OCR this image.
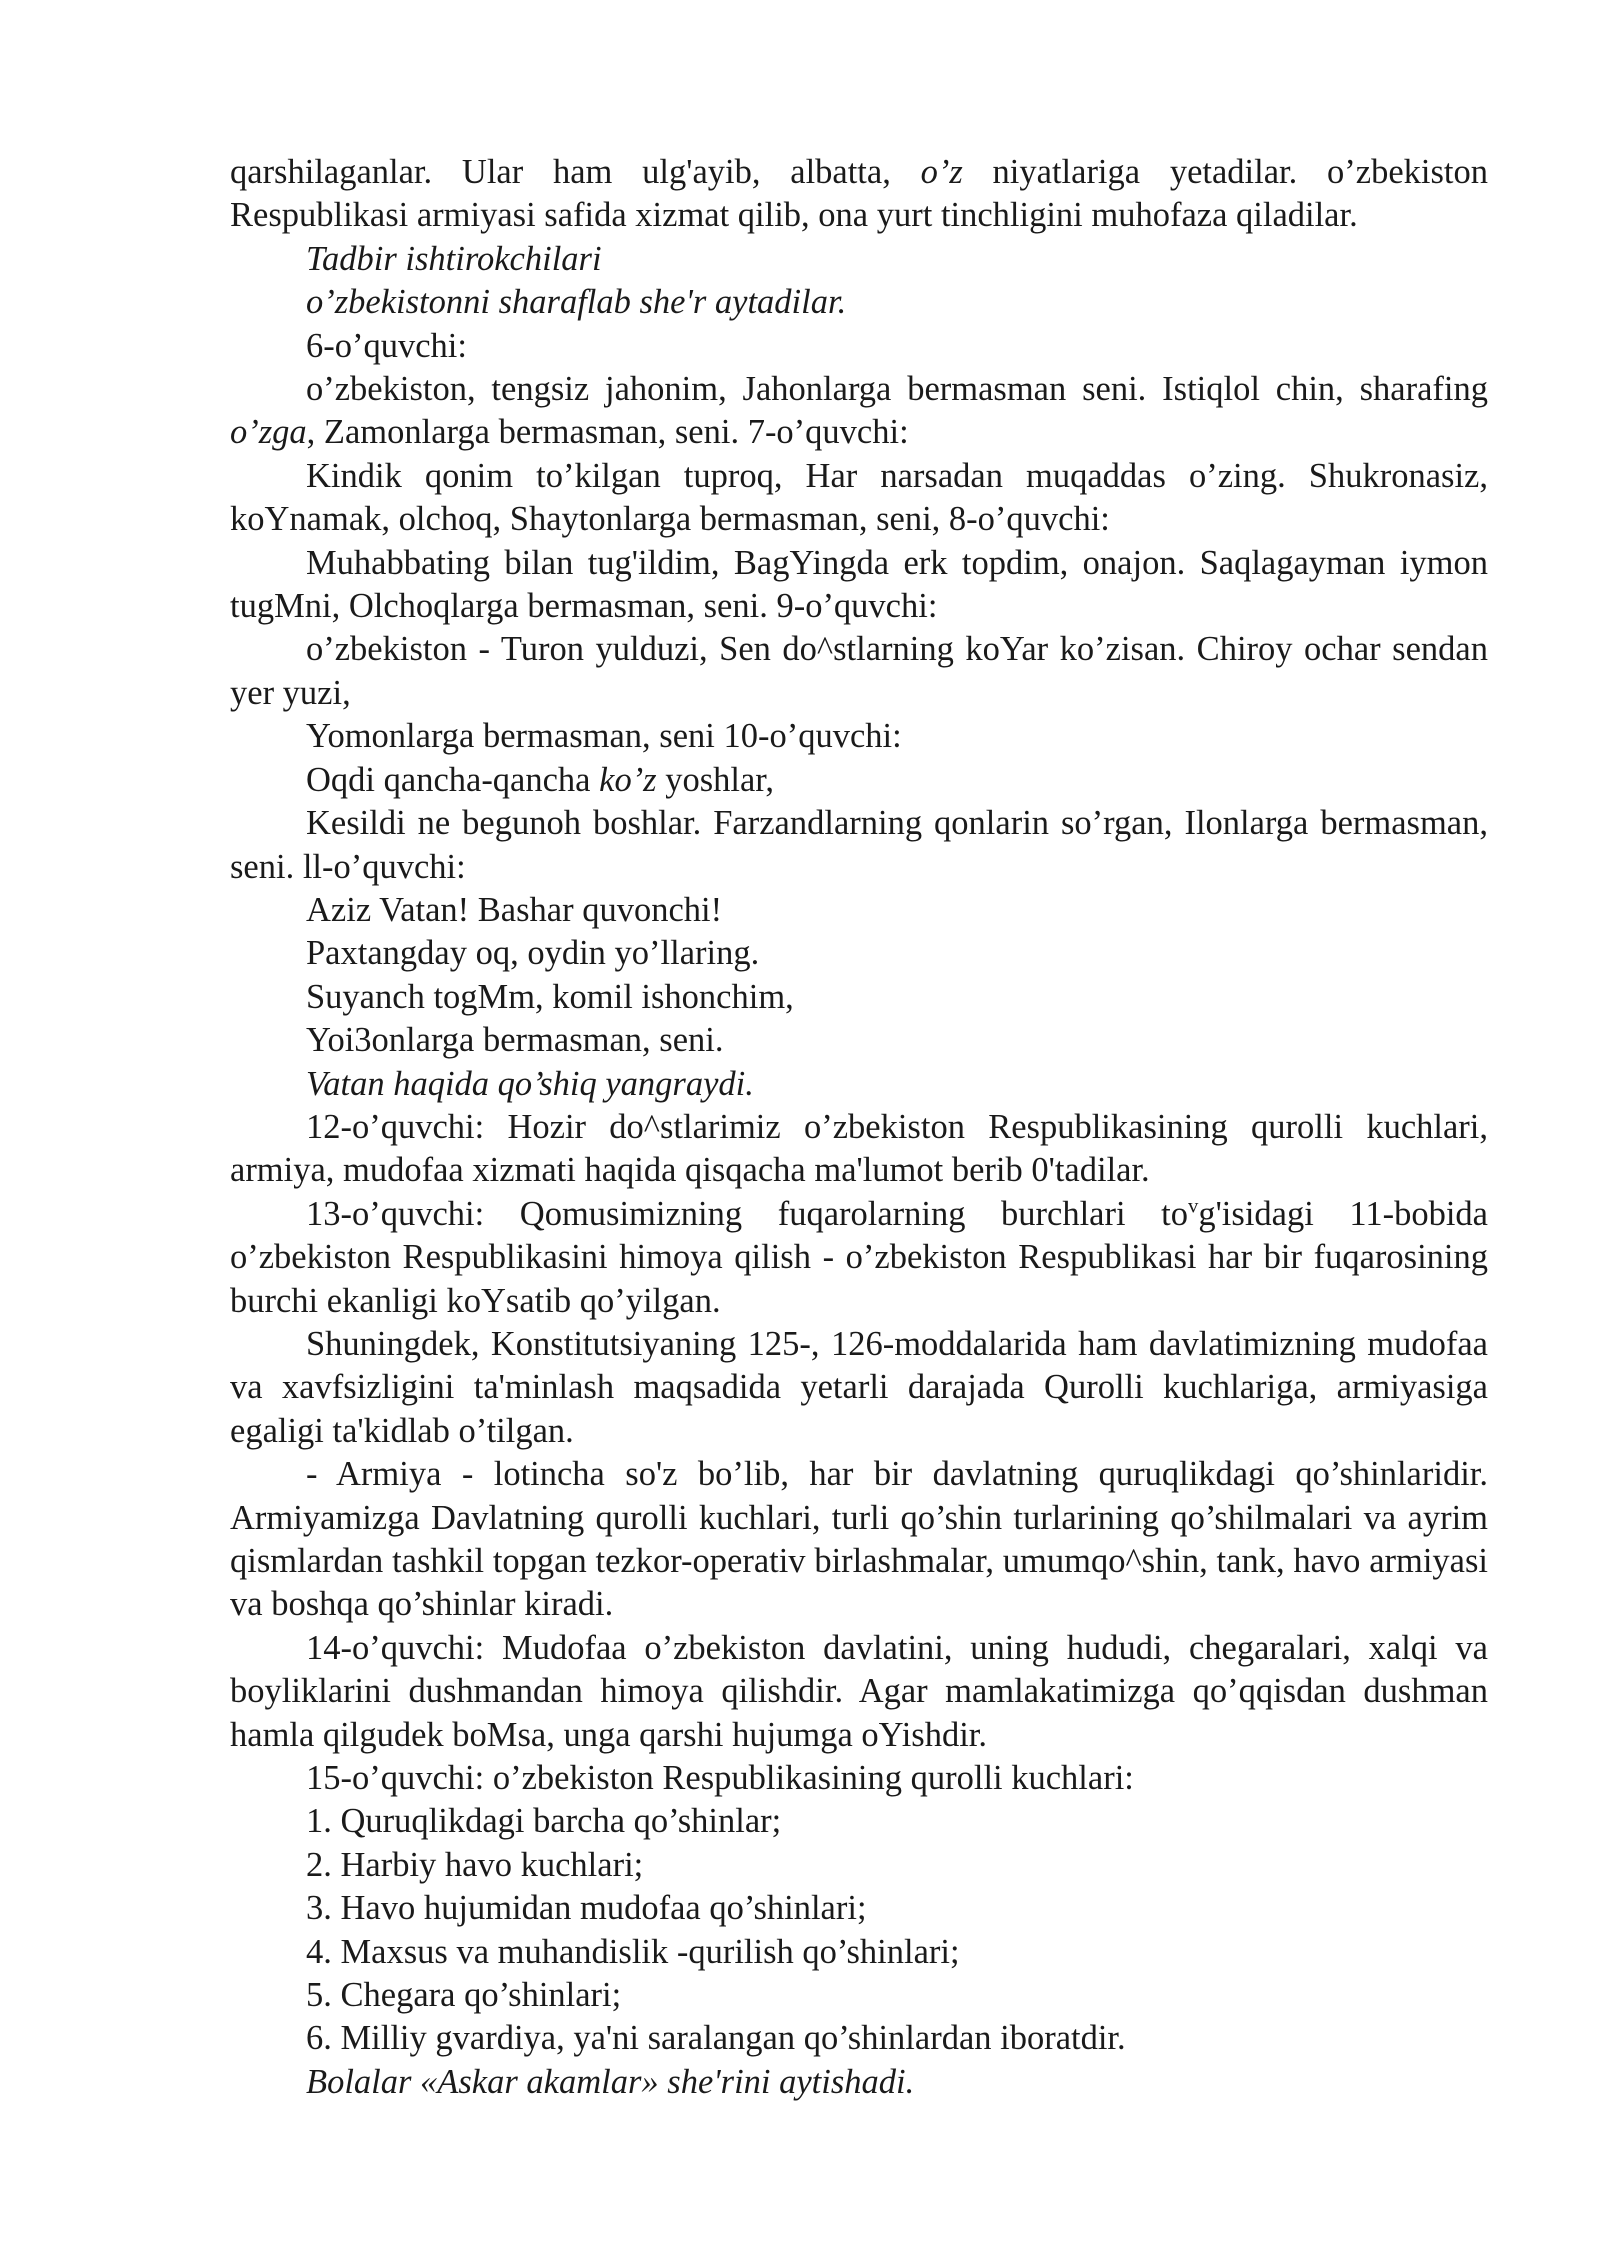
qarshilaganlar. Ular ham ulg'ayib, albatta, o’z niyatlariga yetadilar. o’zbekiston Respublikasi armiyasi safida xizmat qilib, ona yurt tinchligini muhofaza qiladilar.

Tadbir ishtirokchilari

o’zbekistonni sharaflab she'r aytadilar.

6-o’quvchi:

o’zbekiston, tengsiz jahonim, Jahonlarga bermasman seni. Istiqlol chin, sharafing o’zga, Zamonlarga bermasman, seni. 7-o’quvchi:

Kindik qonim to’kilgan tuproq, Har narsadan muqaddas o’zing. Shukronasiz, koYnamak, olchoq, Shaytonlarga bermasman, seni, 8-o’quvchi:

Muhabbating bilan tug'ildim, BagYingda erk topdim, onajon. Saqlagayman iymon tugMni, Olchoqlarga bermasman, seni. 9-o’quvchi:

o’zbekiston - Turon yulduzi, Sen do^stlarning koYar ko’zisan. Chiroy ochar sendan yer yuzi,

Yomonlarga bermasman, seni 10-o’quvchi:

Oqdi qancha-qancha ko’z yoshlar,

Kesildi ne begunoh boshlar. Farzandlarning qonlarin so’rgan, Ilonlarga bermasman, seni. ll-o’quvchi:

Aziz Vatan! Bashar quvonchi!

Paxtangday oq, oydin yo’llaring.

Suyanch togMm, komil ishonchim,

Yoi3onlarga bermasman, seni.

Vatan haqida qo’shiq yangraydi.

12-o’quvchi: Hozir do^stlarimiz o’zbekiston Respublikasining qurolli kuchlari, armiya, mudofaa xizmati haqida qisqacha ma'lumot berib 0'tadilar.

13-o’quvchi: Qomusimizning fuqarolarning burchlari $to^vg'isidagi$ 11-bobida o’zbekiston Respublikasini himoya qilish - o’zbekiston Respublikasi har bir fuqarosining burchi ekanligi koYsatib qo’yilgan.

Shuningdek, Konstitutsiyaning 125-, 126-moddalarida ham davlatimizning mudofaa va xavfsizligini ta'minlash maqsadida yetarli darajada Qurolli kuchlariga, armiyasiga egaligi ta'kidlab o’tilgan.

- Armiya - lotincha so'z bo’lib, har bir davlatning quruqlikdagi qo’shinlaridir. Armiyamizga Davlatning qurolli kuchlari, turli qo’shin turlarining qo’shilmalari va ayrim qismlardan tashkil topgan tezkor-operativ birlashmalar, umumqo^shin, tank, havo armiyasi va boshqa qo’shinlar kiradi.

14-o’quvchi: Mudofaa o’zbekiston davlatini, uning hududi, chegaralari, xalqi va boyliklarini dushmandan himoya qilishdir. Agar mamlakatimizga qo’qqisdan dushman hamla qilgudek boMsa, unga qarshi hujumga oYishdir.

15-o’quvchi: o’zbekiston Respublikasining qurolli kuchlari:

1. Quruqlikdagi barcha qo’shinlar;

2. Harbiy havo kuchlari;

3. Havo hujumidan mudofaa qo’shinlari;

4. Maxsus va muhandislik -qurilish qo’shinlari;

5. Chegara qo’shinlari;

6. Milliy gvardiya, ya'ni saralangan qo’shinlardan iboratdir.

Bolalar «Askar akamlar» she'rini aytishadi.
